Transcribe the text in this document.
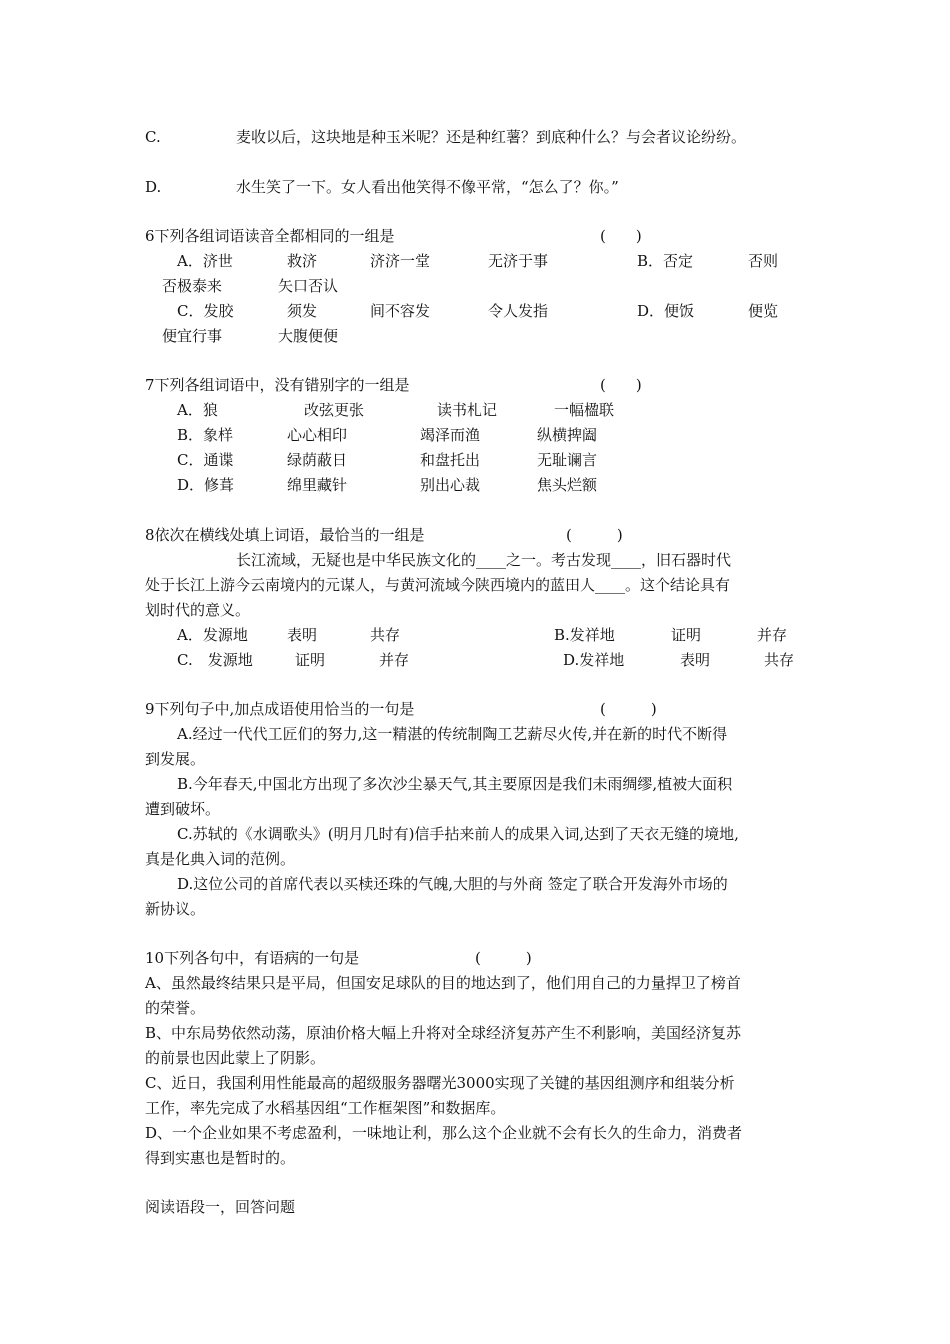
C.	麦收以后，这块地是种玉米呢？还是种红薯？到底种什么？与会者议论纷纷。
D.	水生笑了一下。女人看出他笑得不像平常，“怎么了？你。”
6下列各组词语读音全都相同的一组是	(　　)
A．济世	救济	济济一堂	无济于事	B．否定	否则
否极泰来	矢口否认
C．发胶	须发	间不容发	令人发指	D．便饭	便览
便宜行事	大腹便便
7下列各组词语中，没有错别字的一组是	(　　)
A．狼	改弦更张	读书札记	一幅楹联
B．象样	心心相印	竭泽而渔	纵横捭阖
C．通谍	绿荫蔽日	和盘托出	无耻谰言
D．修葺	绵里藏针	别出心裁	焦头烂额
8依次在横线处填上词语，最恰当的一组是	(　　　)
长江流域，无疑也是中华民族文化的____之一。考古发现____，旧石器时代
处于长江上游今云南境内的元谋人，与黄河流域今陕西境内的蓝田人____。这个结论具有
划时代的意义。
A．发源地	表明	共存	B.发祥地	证明	并存
C.　发源地	证明	并存	D.发祥地	表明	共存
9下列句子中,加点成语使用恰当的一句是	(　　　)
A.经过一代代工匠们的努力,这一精湛的传统制陶工艺薪尽火传,并在新的时代不断得
到发展。
B.今年春天,中国北方出现了多次沙尘暴天气,其主要原因是我们未雨绸缪,植被大面积
遭到破坏。
C.苏轼的《水调歌头》(明月几时有)信手拈来前人的成果入词,达到了天衣无缝的境地,
真是化典入词的范例。
D.这位公司的首席代表以买椟还珠的气魄,大胆的与外商 签定了联合开发海外市场的
新协议。
10下列各句中，有语病的一句是	(　　　)
A、虽然最终结果只是平局，但国安足球队的目的地达到了，他们用自己的力量捍卫了榜首
的荣誉。
B、中东局势依然动荡，原油价格大幅上升将对全球经济复苏产生不利影响，美国经济复苏
的前景也因此蒙上了阴影。
C、近日，我国利用性能最高的超级服务器曙光3000实现了关键的基因组测序和组装分析
工作，率先完成了水稻基因组“工作框架图”和数据库。
D、一个企业如果不考虑盈利，一味地让利，那么这个企业就不会有长久的生命力，消费者
得到实惠也是暂时的。
阅读语段一，回答问题
